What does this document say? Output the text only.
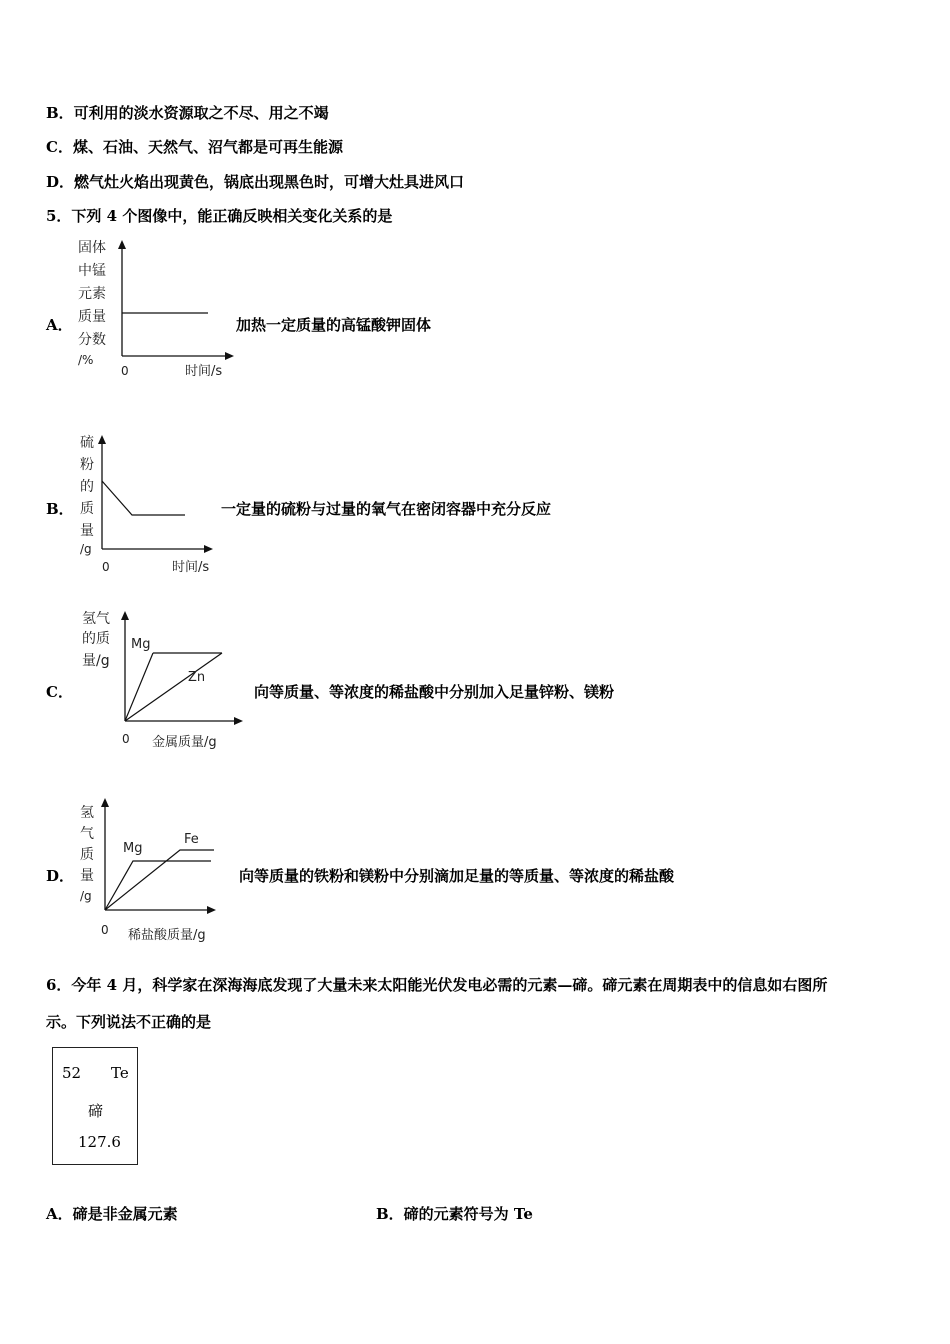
B．可利用的淡水资源取之不尽、用之不竭
C．煤、石油、天然气、沼气都是可再生能源
D．燃气灶火焰出现黄色，锅底出现黑色时，可增大灶具进风口
5．下列 4 个图像中，能正确反映相关变化关系的是
A．
固体
中锰
元素
质量
分数
/%
0	时间/s
加热一定质量的高锰酸钾固体
B．
硫
粉
的
质
量
/g
0	时间/s
一定量的硫粉与过量的氧气在密闭容器中充分反应
C．
氢气
的质
量/g
Mg
Zn
0 金属质量/g
向等质量、等浓度的稀盐酸中分别加入足量锌粉、镁粉
D．
氢
气
质
量
/g
Mg
Fe
0 稀盐酸质量/g
向等质量的铁粉和镁粉中分别滴加足量的等质量、等浓度的稀盐酸
6．今年 4 月，科学家在深海海底发现了大量未来太阳能光伏发电必需的元素—碲。碲元素在周期表中的信息如右图所
示。下列说法不正确的是
52 Te
碲
127.6
A．碲是非金属元素	B．碲的元素符号为 Te
